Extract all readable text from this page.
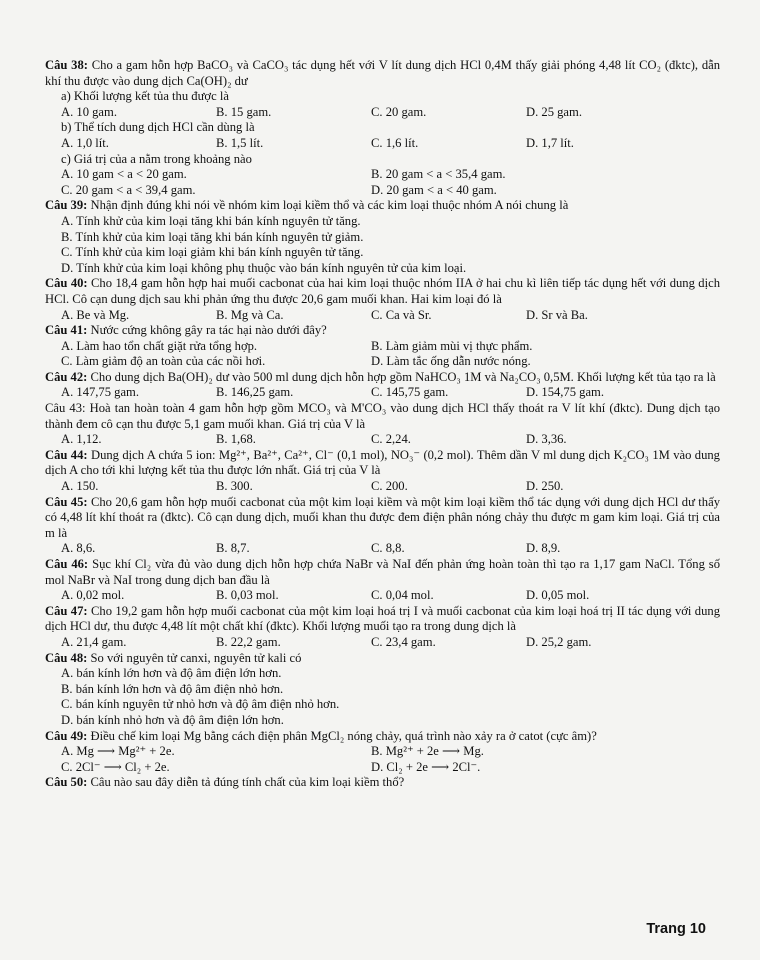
Câu 38: Cho a gam hỗn hợp BaCO₃ và CaCO₃ tác dụng hết với V lít dung dịch HCl 0,4M thấy giải phóng 4,48 lít CO₂ (đktc), dẫn khí thu được vào dung dịch Ca(OH)₂ dư
a) Khối lượng kết tủa thu được là
A. 10 gam.	B. 15 gam.	C. 20 gam.	D. 25 gam.
b) Thể tích dung dịch HCl cần dùng là
A. 1,0 lít.	B. 1,5 lít.	C. 1,6 lít.	D. 1,7 lít.
c) Giá trị của a nằm trong khoảng nào
A. 10 gam < a < 20 gam.	B. 20 gam < a < 35,4 gam.
C. 20 gam < a < 39,4 gam.	D. 20 gam < a < 40 gam.
Câu 39: Nhận định đúng khi nói về nhóm kim loại kiềm thổ và các kim loại thuộc nhóm A nói chung là
A. Tính khử của kim loại tăng khi bán kính nguyên tử tăng.
B. Tính khử của kim loại tăng khi bán kính nguyên tử giảm.
C. Tính khử của kim loại giảm khi bán kính nguyên tử tăng.
D. Tính khử của kim loại không phụ thuộc vào bán kính nguyên tử của kim loại.
Câu 40: Cho 18,4 gam hỗn hợp hai muối cacbonat của hai kim loại thuộc nhóm IIA ở hai chu kì liên tiếp tác dụng hết với dung dịch HCl. Cô cạn dung dịch sau khi phản ứng thu được 20,6 gam muối khan. Hai kim loại đó là
A. Be và Mg.	B. Mg và Ca.	C. Ca và Sr.	D. Sr và Ba.
Câu 41: Nước cứng không gây ra tác hại nào dưới đây?
A. Làm hao tổn chất giặt rửa tổng hợp.	B. Làm giảm mùi vị thực phẩm.
C. Làm giảm độ an toàn của các nồi hơi.	D. Làm tắc ống dẫn nước nóng.
Câu 42: Cho dung dịch Ba(OH)₂ dư vào 500 ml dung dịch hỗn hợp gồm NaHCO₃ 1M và Na₂CO₃ 0,5M. Khối lượng kết tủa tạo ra là
A. 147,75 gam.	B. 146,25 gam.	C. 145,75 gam.	D. 154,75 gam.
Câu 43: Hoà tan hoàn toàn 4 gam hỗn hợp gồm MCO₃ và M'CO₃ vào dung dịch HCl thấy thoát ra V lít khí (đktc). Dung dịch tạo thành đem cô cạn thu được 5,1 gam muối khan. Giá trị của V là
A. 1,12.	B. 1,68.	C. 2,24.	D. 3,36.
Câu 44: Dung dịch A chứa 5 ion: Mg²⁺, Ba²⁺, Ca²⁺, Cl⁻ (0,1 mol), NO₃⁻ (0,2 mol). Thêm dần V ml dung dịch K₂CO₃ 1M vào dung dịch A cho tới khi lượng kết tủa thu được lớn nhất. Giá trị của V là
A. 150.	B. 300.	C. 200.	D. 250.
Câu 45: Cho 20,6 gam hỗn hợp muối cacbonat của một kim loại kiềm và một kim loại kiềm thổ tác dụng với dung dịch HCl dư thấy có 4,48 lít khí thoát ra (đktc). Cô cạn dung dịch, muối khan thu được đem điện phân nóng chảy thu được m gam kim loại. Giá trị của m là
A. 8,6.	B. 8,7.	C. 8,8.	D. 8,9.
Câu 46: Sục khí Cl₂ vừa đủ vào dung dịch hỗn hợp chứa NaBr và NaI đến phản ứng hoàn toàn thì tạo ra 1,17 gam NaCl. Tổng số mol NaBr và NaI trong dung dịch ban đầu là
A. 0,02 mol.	B. 0,03 mol.	C. 0,04 mol.	D. 0,05 mol.
Câu 47: Cho 19,2 gam hỗn hợp muối cacbonat của một kim loại hoá trị I và muối cacbonat của kim loại hoá trị II tác dụng với dung dịch HCl dư, thu được 4,48 lít một chất khí (đktc). Khối lượng muối tạo ra trong dung dịch là
A. 21,4 gam.	B. 22,2 gam.	C. 23,4 gam.	D. 25,2 gam.
Câu 48: So với nguyên tử canxi, nguyên tử kali có
A. bán kính lớn hơn và độ âm điện lớn hơn.
B. bán kính lớn hơn và độ âm điện nhỏ hơn.
C. bán kính nguyên tử nhỏ hơn và độ âm điện nhỏ hơn.
D. bán kính nhỏ hơn và độ âm điện lớn hơn.
Câu 49: Điều chế kim loại Mg bằng cách điện phân MgCl₂ nóng chảy, quá trình nào xảy ra ở catot (cực âm)?
A. Mg ⟶ Mg²⁺ + 2e.	B. Mg²⁺ + 2e ⟶ Mg.
C. 2Cl⁻ ⟶ Cl₂ + 2e.	D. Cl₂ + 2e ⟶ 2Cl⁻.
Câu 50: Câu nào sau đây diễn tả đúng tính chất của kim loại kiềm thổ?
Trang 10
